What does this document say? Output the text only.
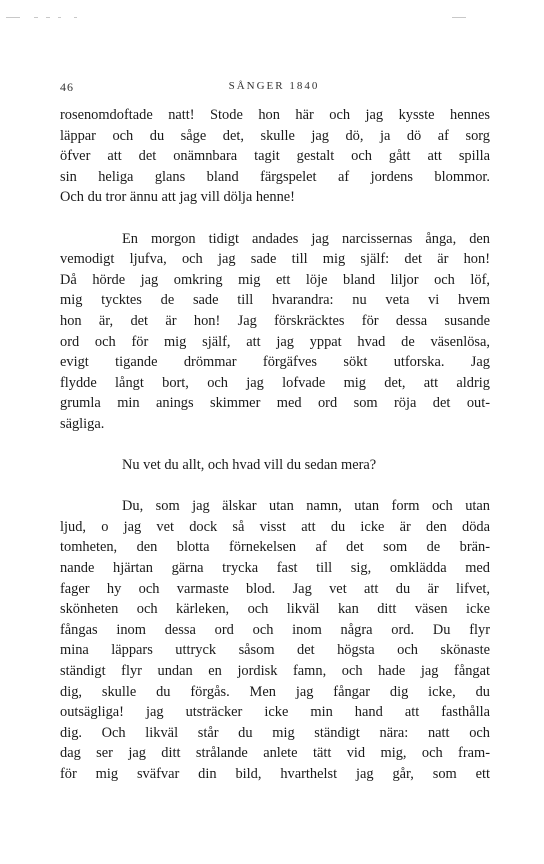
46	SÅNGER 1840
rosenomdoftade natt! Stode hon här och jag kysste hennes
läppar och du såge det, skulle jag dö, ja dö af sorg
öfver att det onämnbara tagit gestalt och gått att spilla
sin heliga glans bland färgspelet af jordens blommor.
Och du tror ännu att jag vill dölja henne!
En morgon tidigt andades jag narcissernas ånga, den
vemodigt ljufva, och jag sade till mig själf: det är hon!
Då hörde jag omkring mig ett löje bland liljor och löf,
mig tycktes de sade till hvarandra: nu veta vi hvem
hon är, det är hon! Jag förskräcktes för dessa susande
ord och för mig själf, att jag yppat hvad de väsenlösa,
evigt tigande drömmar förgäfves sökt utforska. Jag
flydde långt bort, och jag lofvade mig det, att aldrig
grumla min anings skimmer med ord som röja det out-
sägliga.
Nu vet du allt, och hvad vill du sedan mera?
Du, som jag älskar utan namn, utan form och utan
ljud, o jag vet dock så visst att du icke är den döda
tomheten, den blotta förnekelsen af det som de brän-
nande hjärtan gärna trycka fast till sig, omklädda med
fager hy och varmaste blod. Jag vet att du är lifvet,
skönheten och kärleken, och likväl kan ditt väsen icke
fångas inom dessa ord och inom några ord. Du flyr
mina läppars uttryck såsom det högsta och skönaste
ständigt flyr undan en jordisk famn, och hade jag fångat
dig, skulle du förgås. Men jag fångar dig icke, du
outsägliga! jag utsträcker icke min hand att fasthålla
dig. Och likväl står du mig ständigt nära: natt och
dag ser jag ditt strålande anlete tätt vid mig, och fram-
för mig sväfvar din bild, hvarthelst jag går, som ett
